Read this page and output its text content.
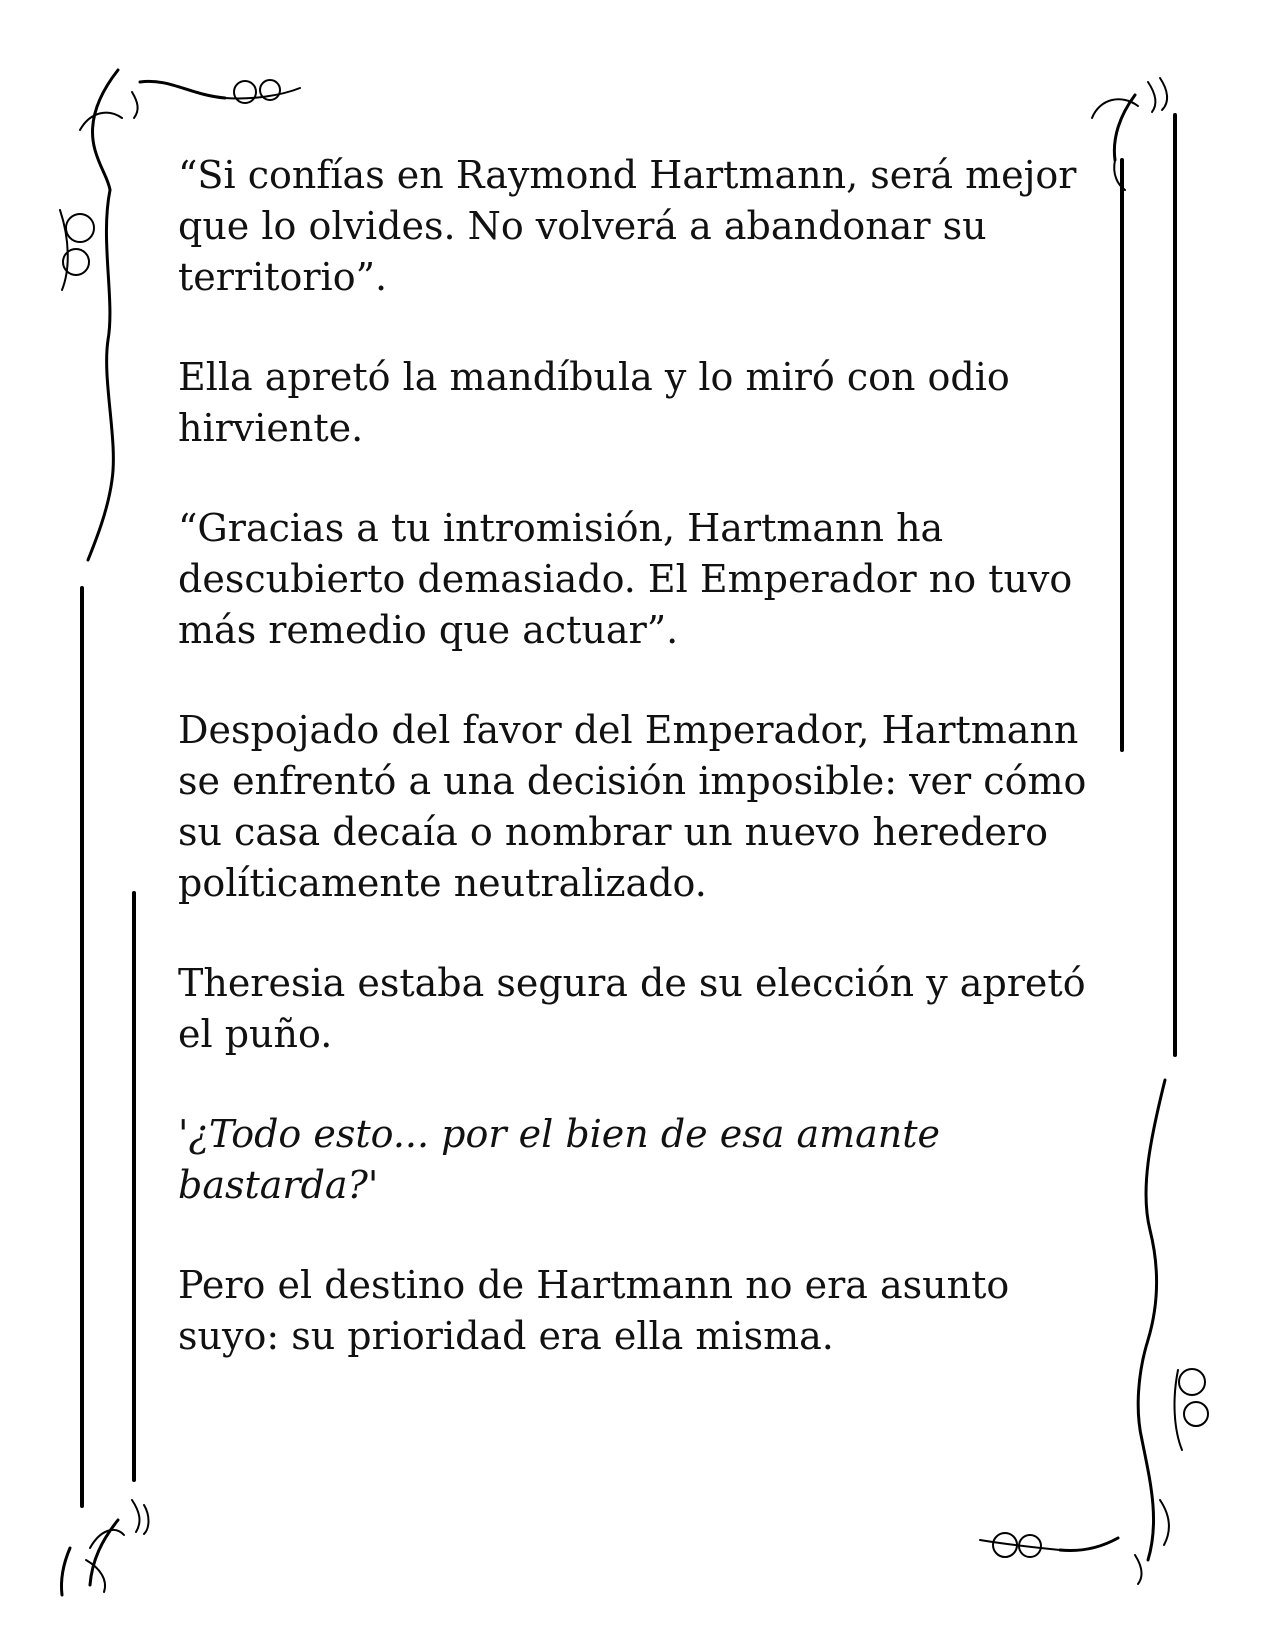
“Si confías en Raymond Hartmann, será mejor que lo olvides. No volverá a abandonar su territorio”.

Ella apretó la mandíbula y lo miró con odio hirviente.

“Gracias a tu intromisión, Hartmann ha descubierto demasiado. El Emperador no tuvo más remedio que actuar”.

Despojado del favor del Emperador, Hartmann se enfrentó a una decisión imposible: ver cómo su casa decaía o nombrar un nuevo heredero políticamente neutralizado.

Theresia estaba segura de su elección y apretó el puño.

'¿Todo esto... por el bien de esa amante bastarda?'

Pero el destino de Hartmann no era asunto suyo: su prioridad era ella misma.
